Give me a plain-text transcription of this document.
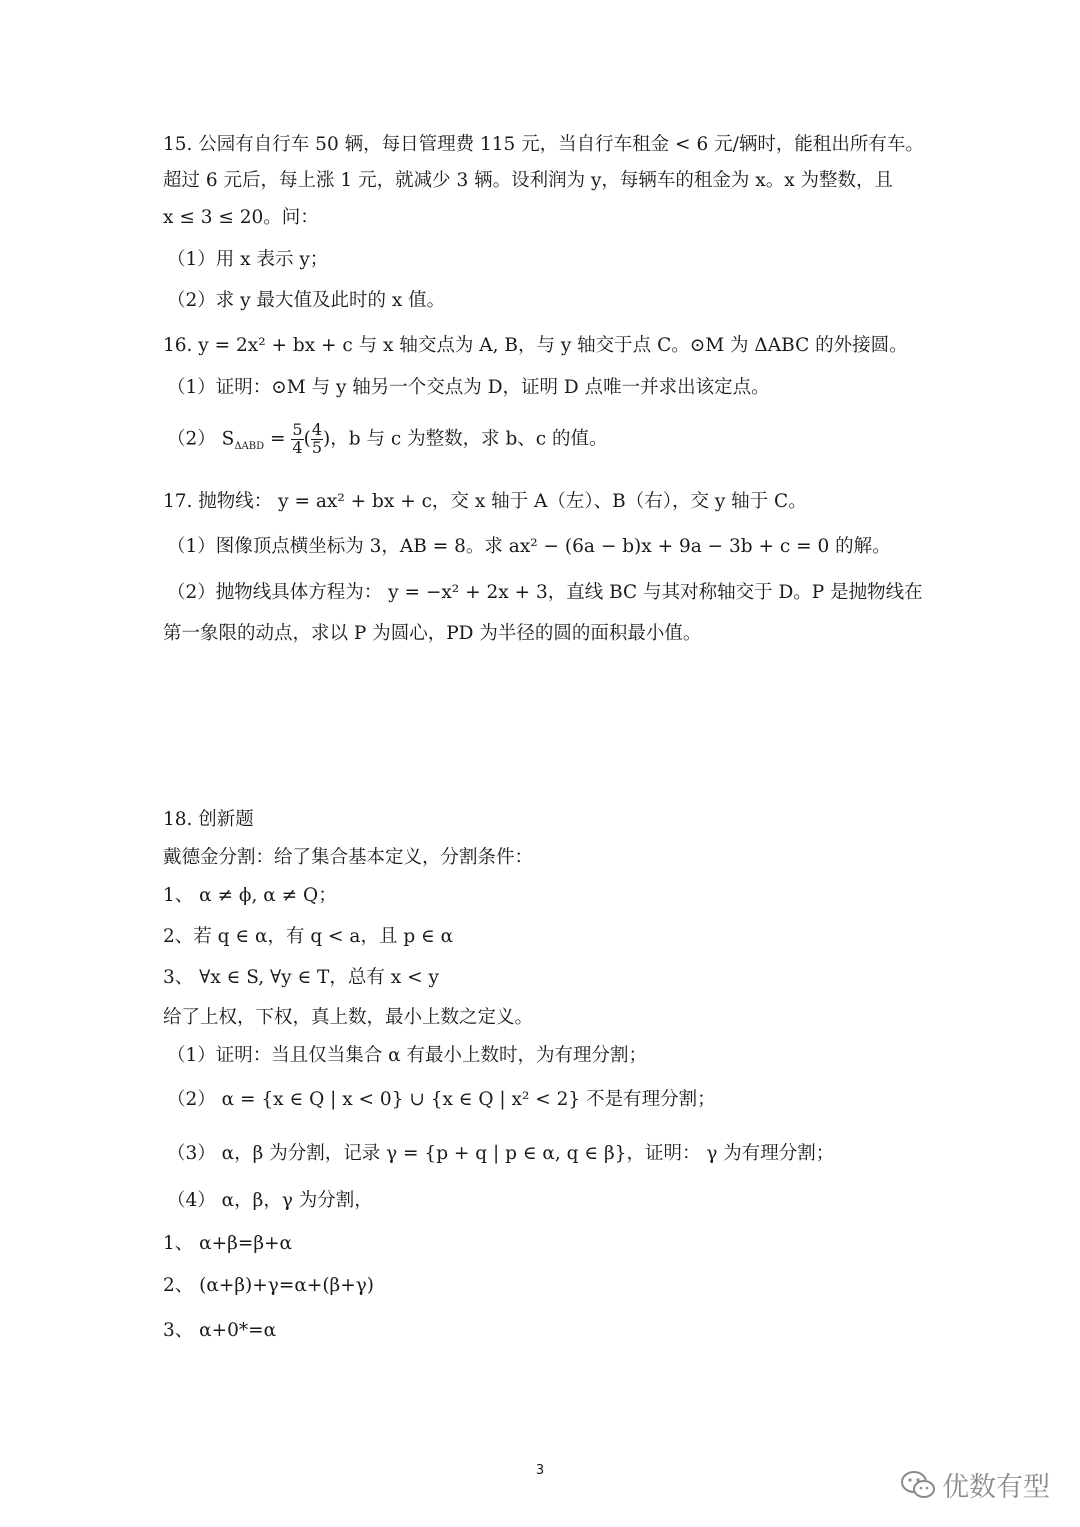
15. 公园有自行车 50 辆，每日管理费 115 元，当自行车租金 < 6 元/辆时，能租出所有车。
超过 6 元后，每上涨 1 元，就减少 3 辆。设利润为 y，每辆车的租金为 x。x 为整数，且
x ≤ 3 ≤ 20。问：
（1）用 x 表示 y；
（2）求 y 最大值及此时的 x 值。
16. y = 2x² + bx + c 与 x 轴交点为 A, B，与 y 轴交于点 C。⊙M 为 ΔABC 的外接圆。
（1）证明：⊙M 与 y 轴另一个交点为 D，证明 D 点唯一并求出该定点。
（2） $S_{\Delta ABD} = \frac{5}{4}$ ( $\frac{4}{5}$ )，b 与 c 为整数，求 b、c 的值。
17. 抛物线： y = ax² + bx + c，交 x 轴于 A（左）、B（右），交 y 轴于 C。
（1）图像顶点横坐标为 3，AB = 8。求 ax² − (6a − b)x + 9a − 3b + c = 0 的解。
（2）抛物线具体方程为： y = −x² + 2x + 3，直线 BC 与其对称轴交于 D。P 是抛物线在
第一象限的动点，求以 P 为圆心，PD 为半径的圆的面积最小值。
18. 创新题
戴德金分割：给了集合基本定义，分割条件：
1、 α ≠ ϕ, α ≠ Q；
2、若 q ∈ α，有 q < a，且 p ∈ α
3、 ∀x ∈ S, ∀y ∈ T，总有 x < y
给了上权，下权，真上数，最小上数之定义。
（1）证明：当且仅当集合 α 有最小上数时，为有理分割；
（2） α = {x ∈ Q | x < 0} ∪ {x ∈ Q | x² < 2} 不是有理分割；
（3） α，β 为分割，记录 γ = {p + q | p ∈ α, q ∈ β}，证明： γ 为有理分割；
（4） α，β，γ 为分割，
1、 α+β=β+α
2、 (α+β)+γ=α+(β+γ)
3、 α+0*=α
3
优数有型
